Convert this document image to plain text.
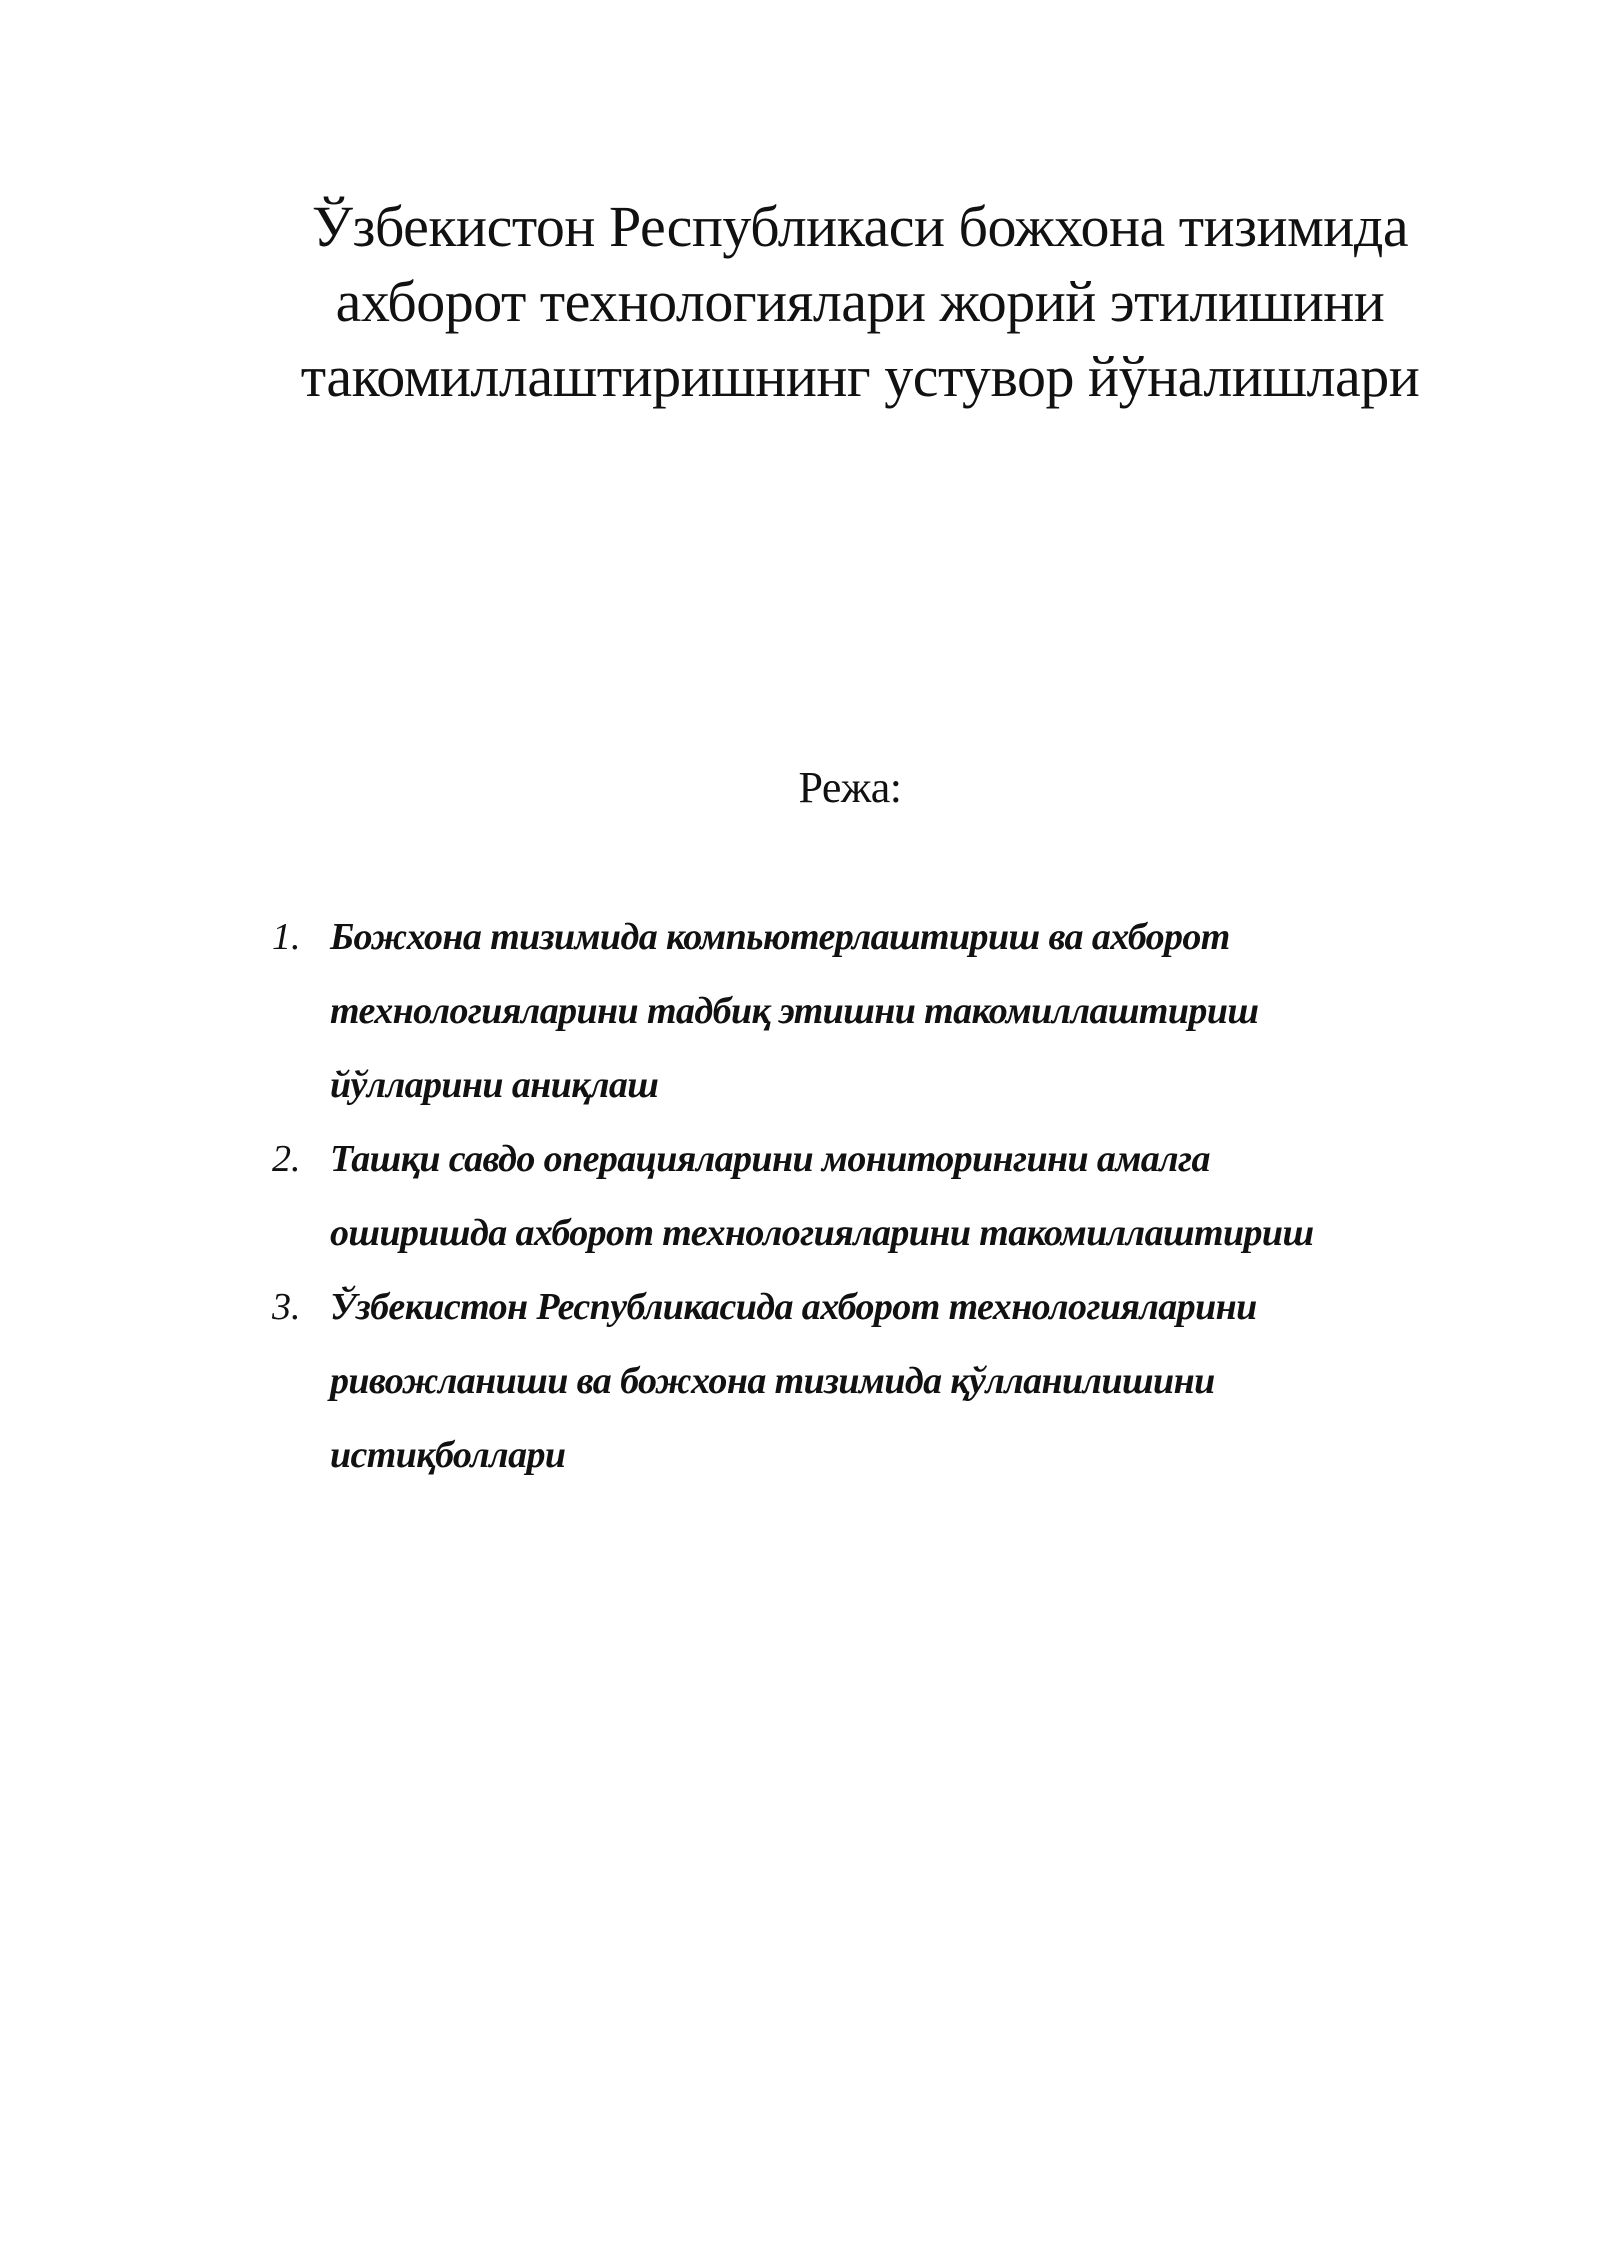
Ўзбекистон Республикаси божхона тизимида
ахборот технологиялари жорий этилишини
такомиллаштиришнинг устувор йўналишлари
Режа:
1. Божхона тизимида компьютерлаштириш ва ахборот
технологияларини тадбиқ этишни такомиллаштириш
йўлларини аниқлаш
2. Ташқи савдо операцияларини мониторингини амалга
оширишда ахборот технологияларини такомиллаштириш
3. Ўзбекистон Республикасида ахборот технологияларини
ривожланиши ва божхона тизимида қўлланилишини
истиқболлари
